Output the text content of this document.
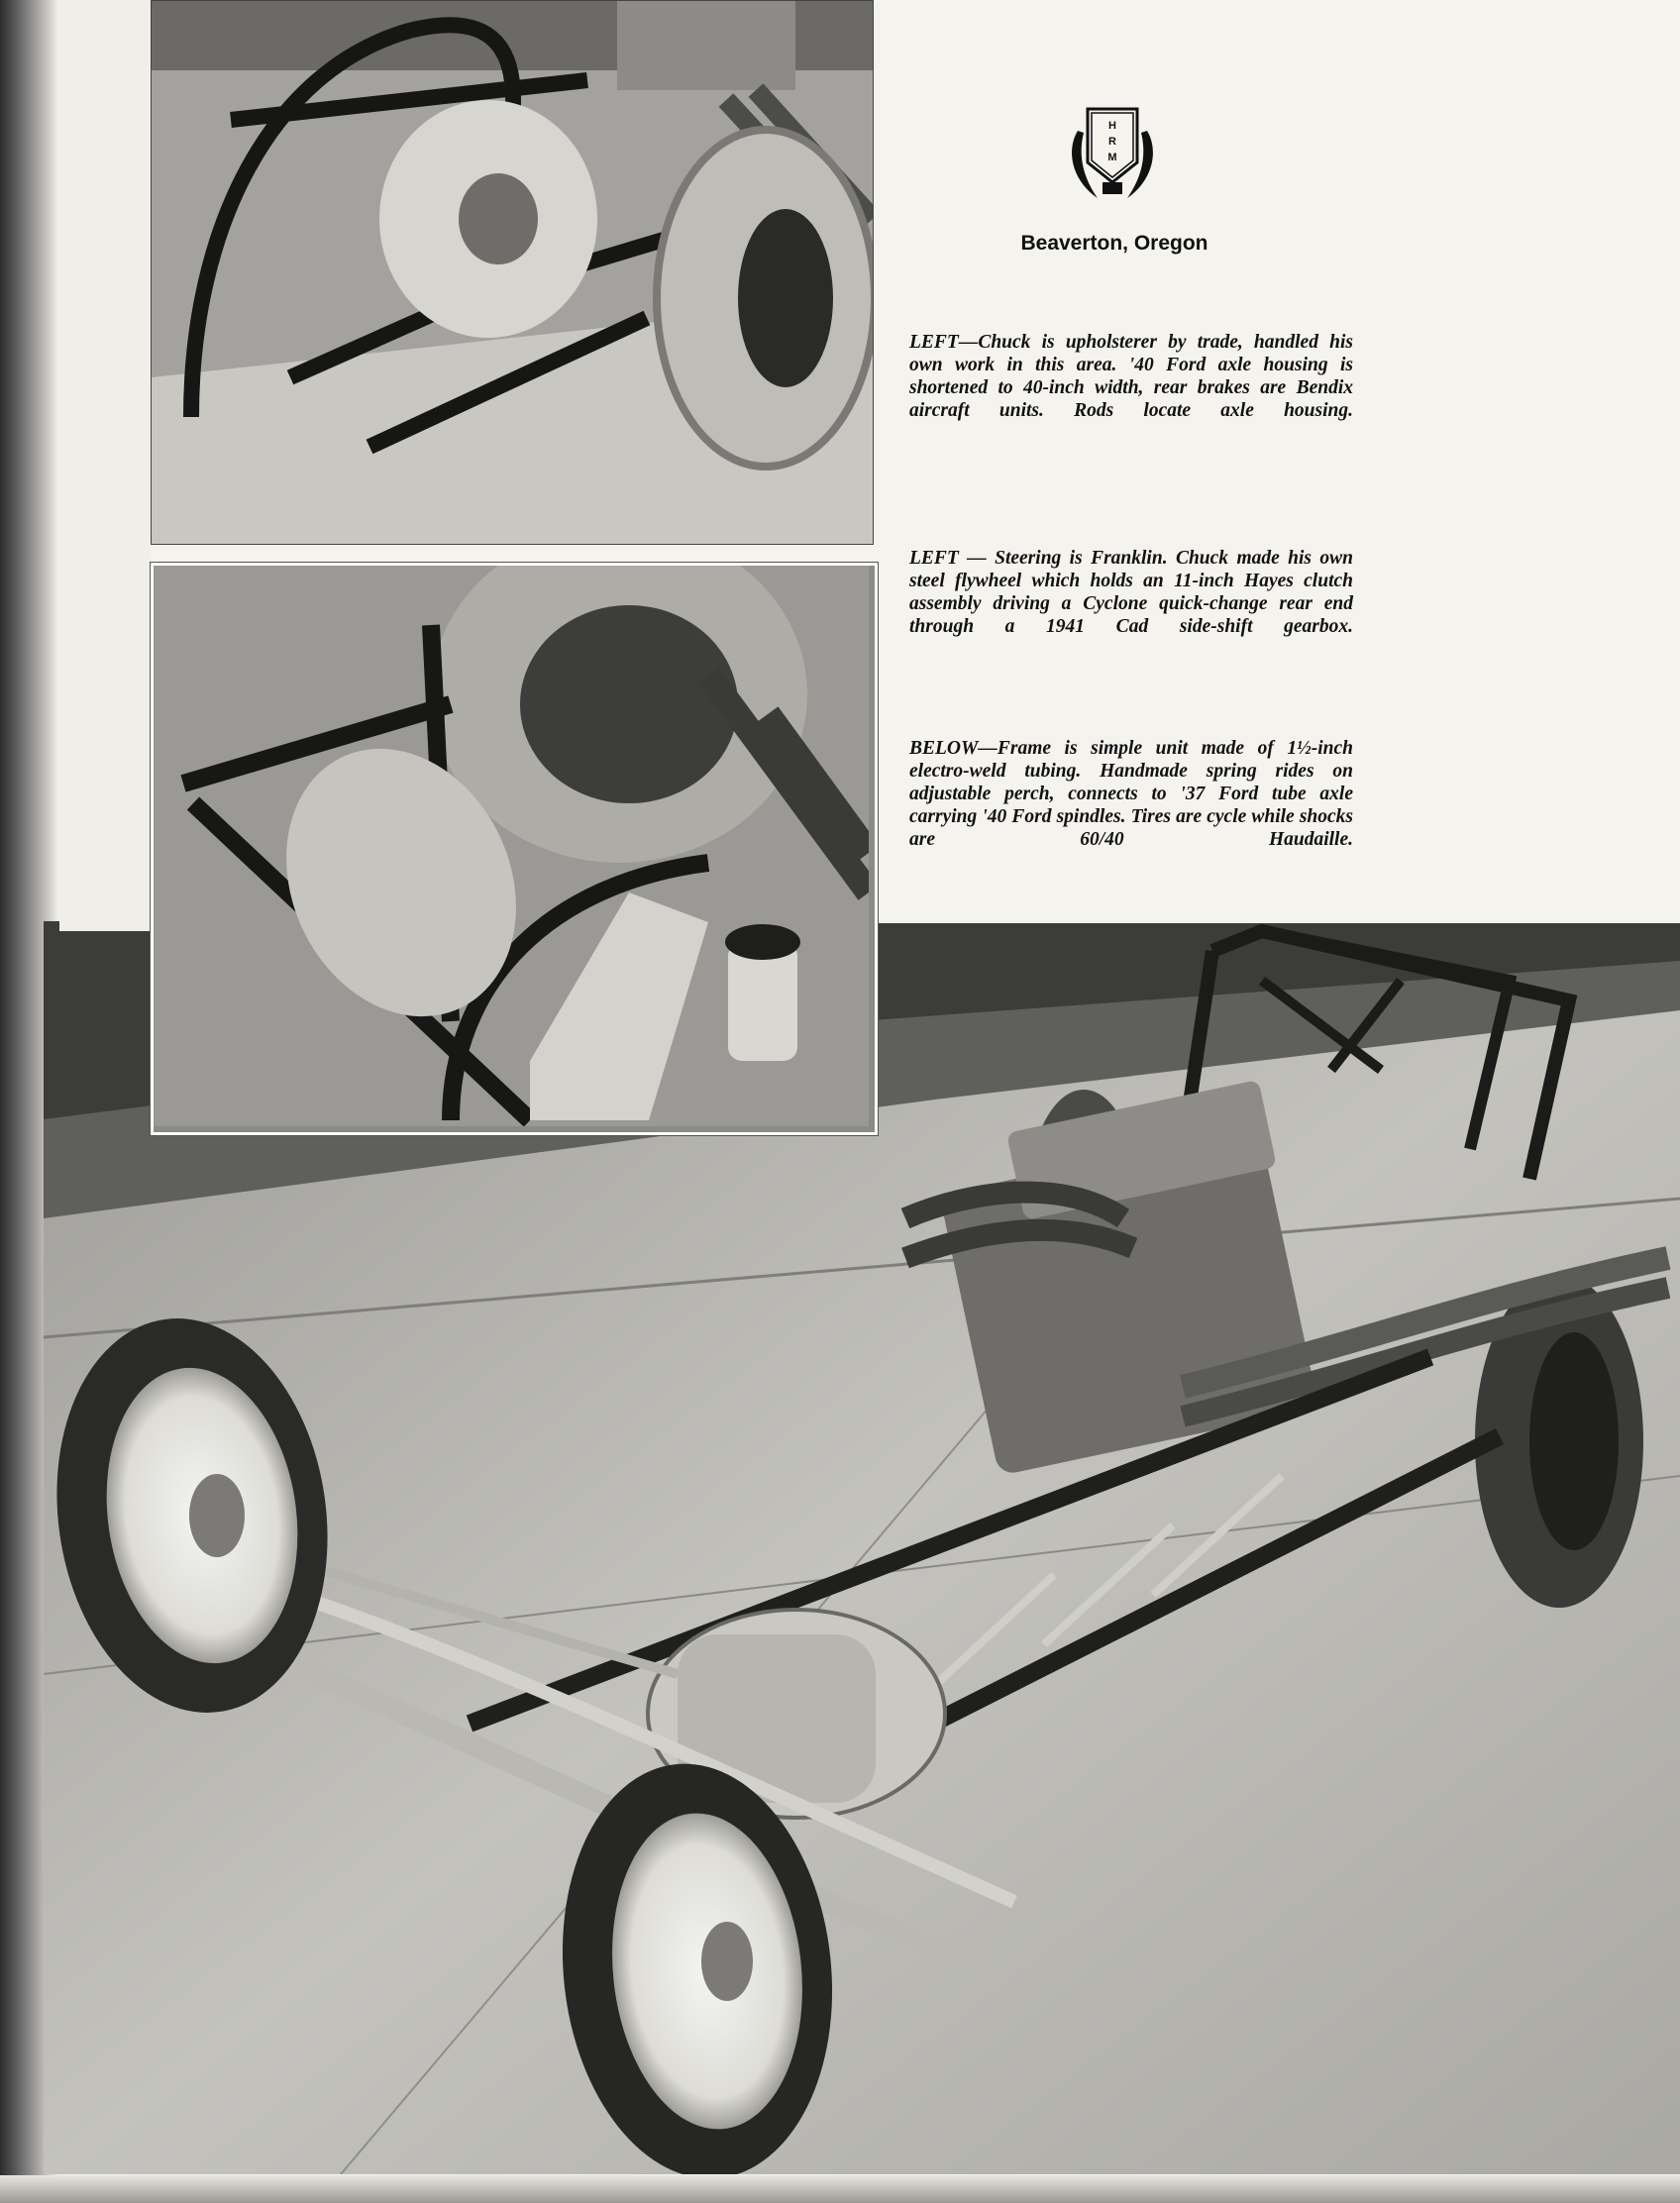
H
R
M
Beaverton, Oregon

LEFT—Chuck is upholsterer by trade, handled his own work in this area. '40 Ford axle housing is shortened to 40-inch width, rear brakes are Bendix aircraft units. Rods locate axle housing.

LEFT — Steering is Franklin. Chuck made his own steel flywheel which holds an 11-inch Hayes clutch assembly driving a Cyclone quick-change rear end through a 1941 Cad side-shift gearbox.

BELOW—Frame is simple unit made of 1½-inch electro-weld tubing. Handmade spring rides on adjustable perch, connects to '37 Ford tube axle carrying '40 Ford spindles. Tires are cycle while shocks are 60/40 Haudaille.
